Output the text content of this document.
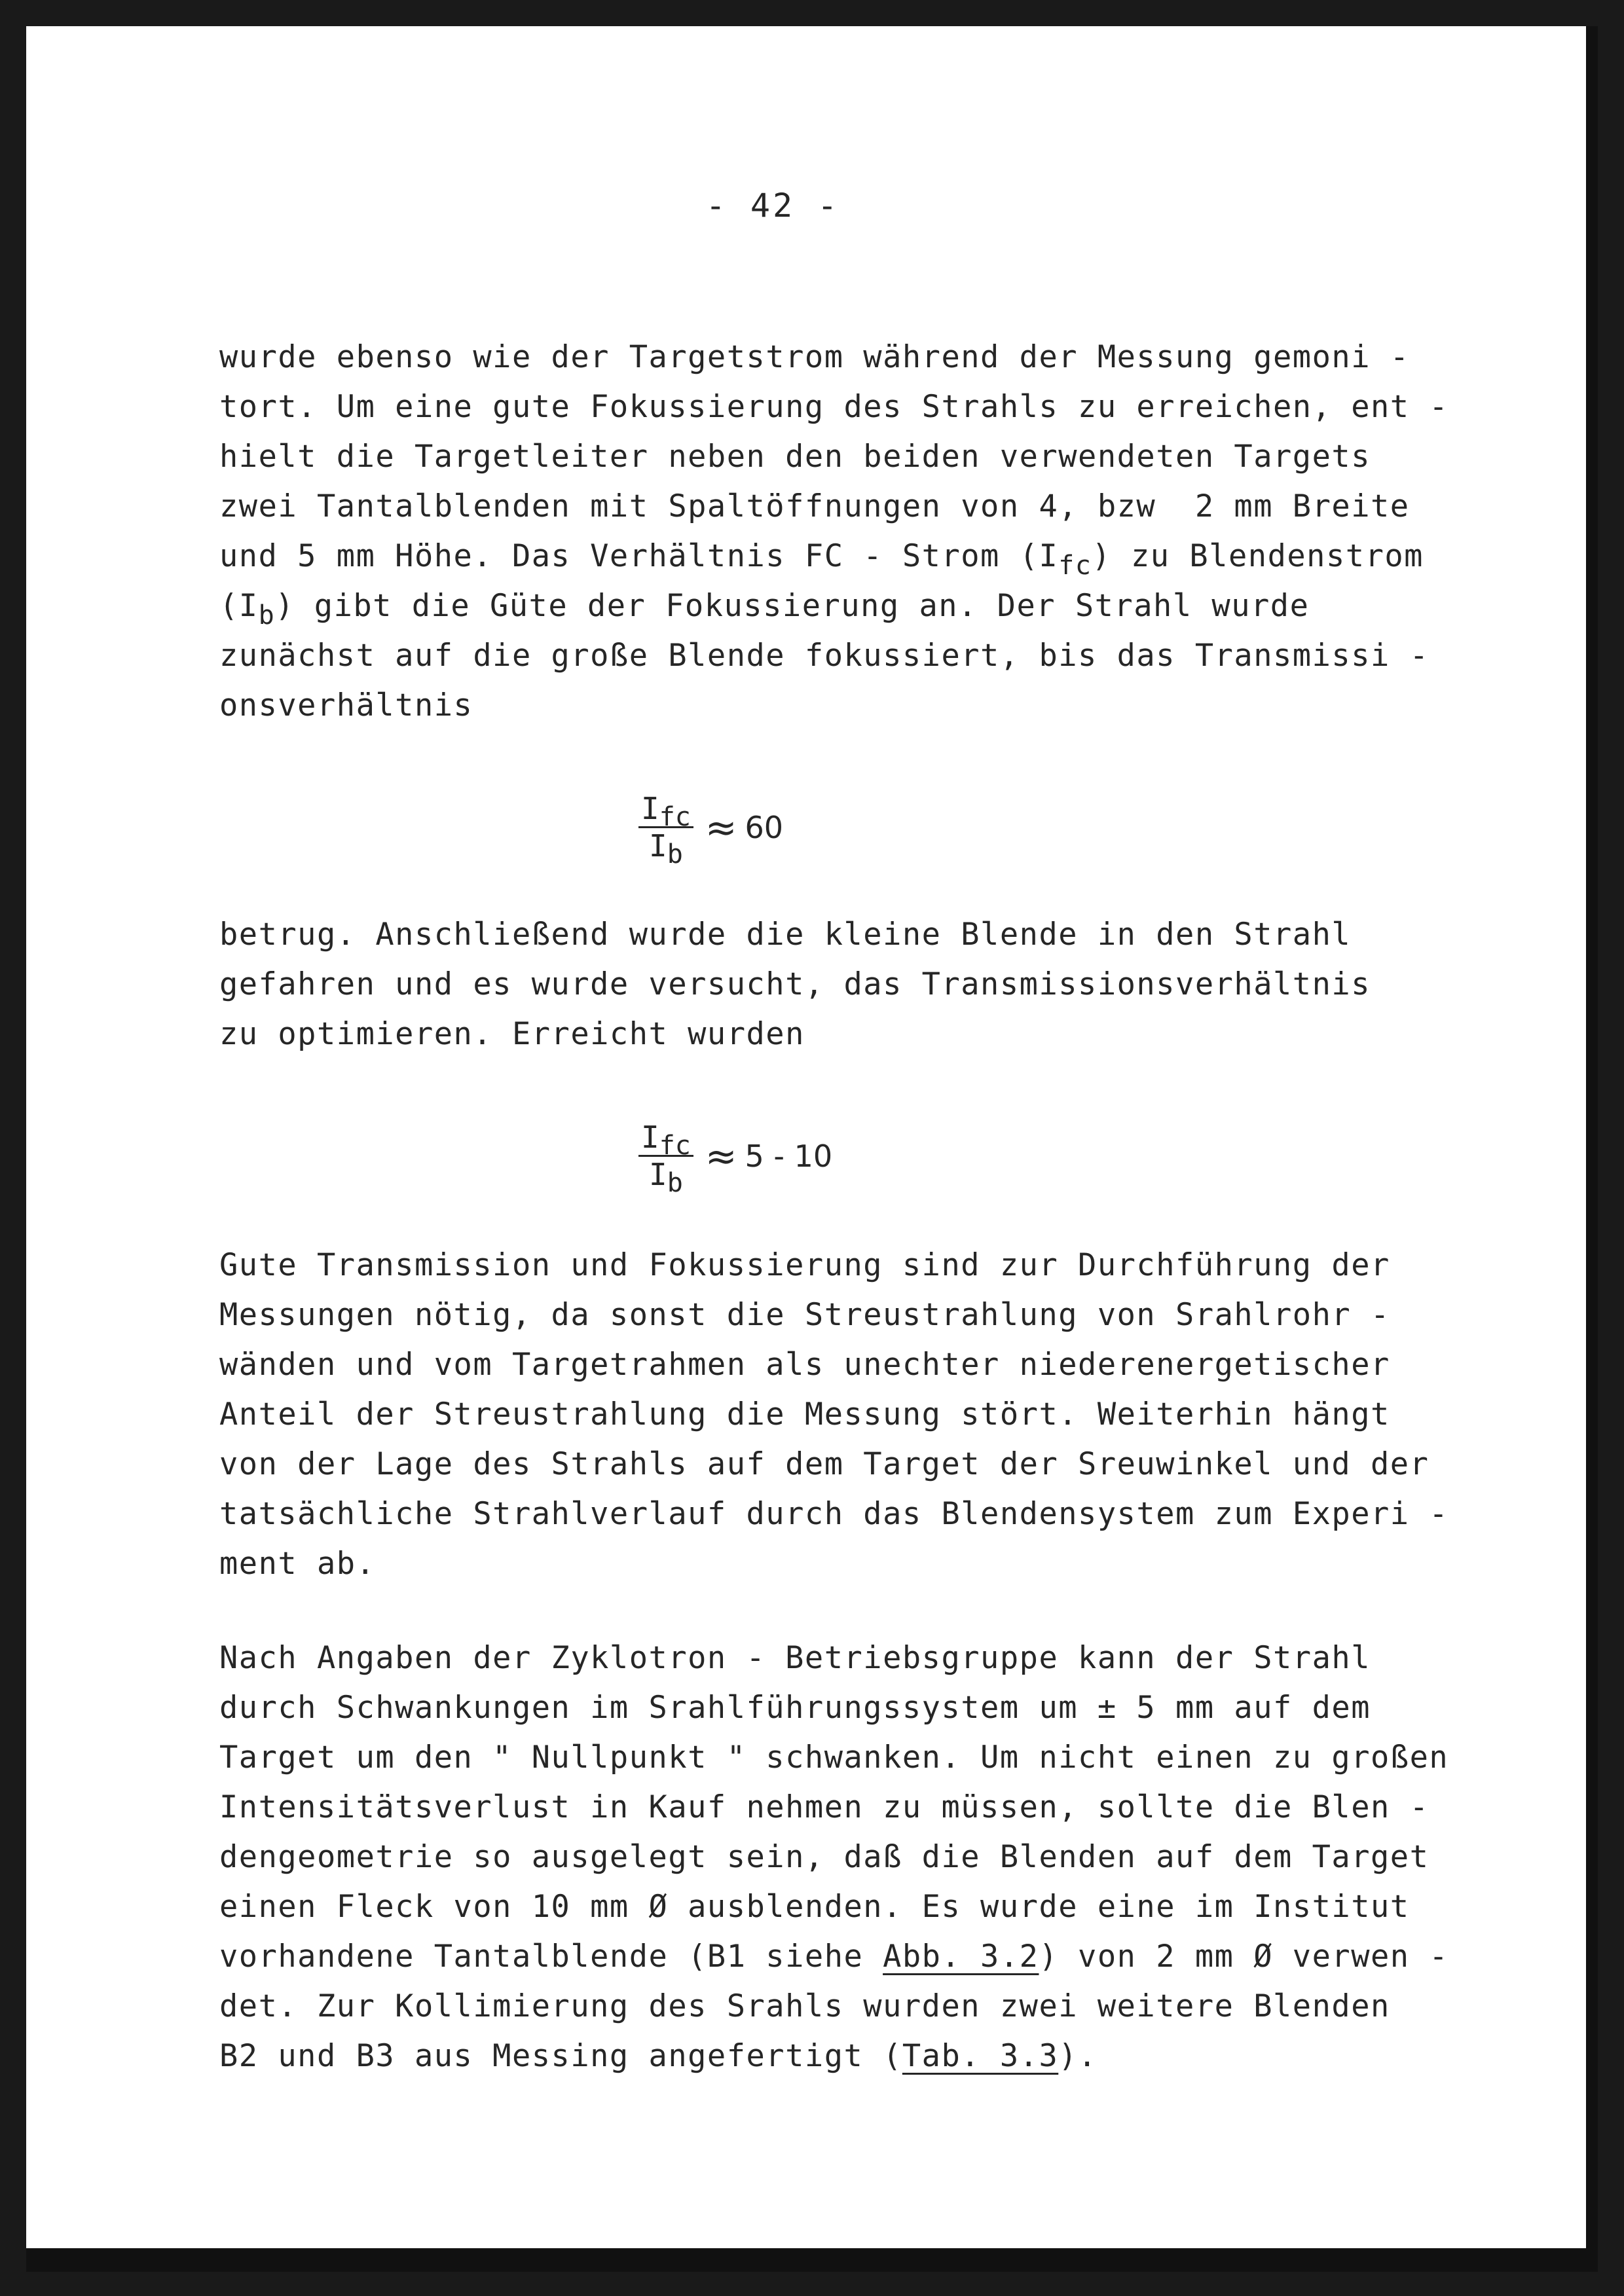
- 42 -
wurde ebenso wie der Targetstrom während der Messung gemoni -
tort. Um eine gute Fokussierung des Strahls zu erreichen, ent -
hielt die Targetleiter neben den beiden verwendeten Targets
zwei Tantalblenden mit Spaltöffnungen von 4, bzw  2 mm Breite
und 5 mm Höhe. Das Verhältnis FC - Strom $(I_{fc})$ zu Blendenstrom
$(I_b)$ gibt die Güte der Fokussierung an. Der Strahl wurde
zunächst auf die große Blende fokussiert, bis das Transmissi -
onsverhältnis
$\frac{I_{fc}}{I_b} \approx 60$
betrug. Anschließend wurde die kleine Blende in den Strahl
gefahren und es wurde versucht, das Transmissionsverhältnis
zu optimieren. Erreicht wurden
$\frac{I_{fc}}{I_b} \approx 5 - 10$
Gute Transmission und Fokussierung sind zur Durchführung der
Messungen nötig, da sonst die Streustrahlung von Srahlrohr -
wänden und vom Targetrahmen als unechter niederenergetischer
Anteil der Streustrahlung die Messung stört. Weiterhin hängt
von der Lage des Strahls auf dem Target der Sreuwinkel und der
tatsächliche Strahlverlauf durch das Blendensystem zum Experi -
ment ab.
Nach Angaben der Zyklotron - Betriebsgruppe kann der Strahl
durch Schwankungen im Srahlführungssystem um ± 5 mm auf dem
Target um den " Nullpunkt " schwanken. Um nicht einen zu großen
Intensitätsverlust in Kauf nehmen zu müssen, sollte die Blen -
dengeometrie so ausgelegt sein, daß die Blenden auf dem Target
einen Fleck von 10 mm Ø ausblenden. Es wurde eine im Institut
vorhandene Tantalblende (B1 siehe Abb. 3.2) von 2 mm Ø verwen -
det. Zur Kollimierung des Srahls wurden zwei weitere Blenden
B2 und B3 aus Messing angefertigt (Tab. 3.3).
